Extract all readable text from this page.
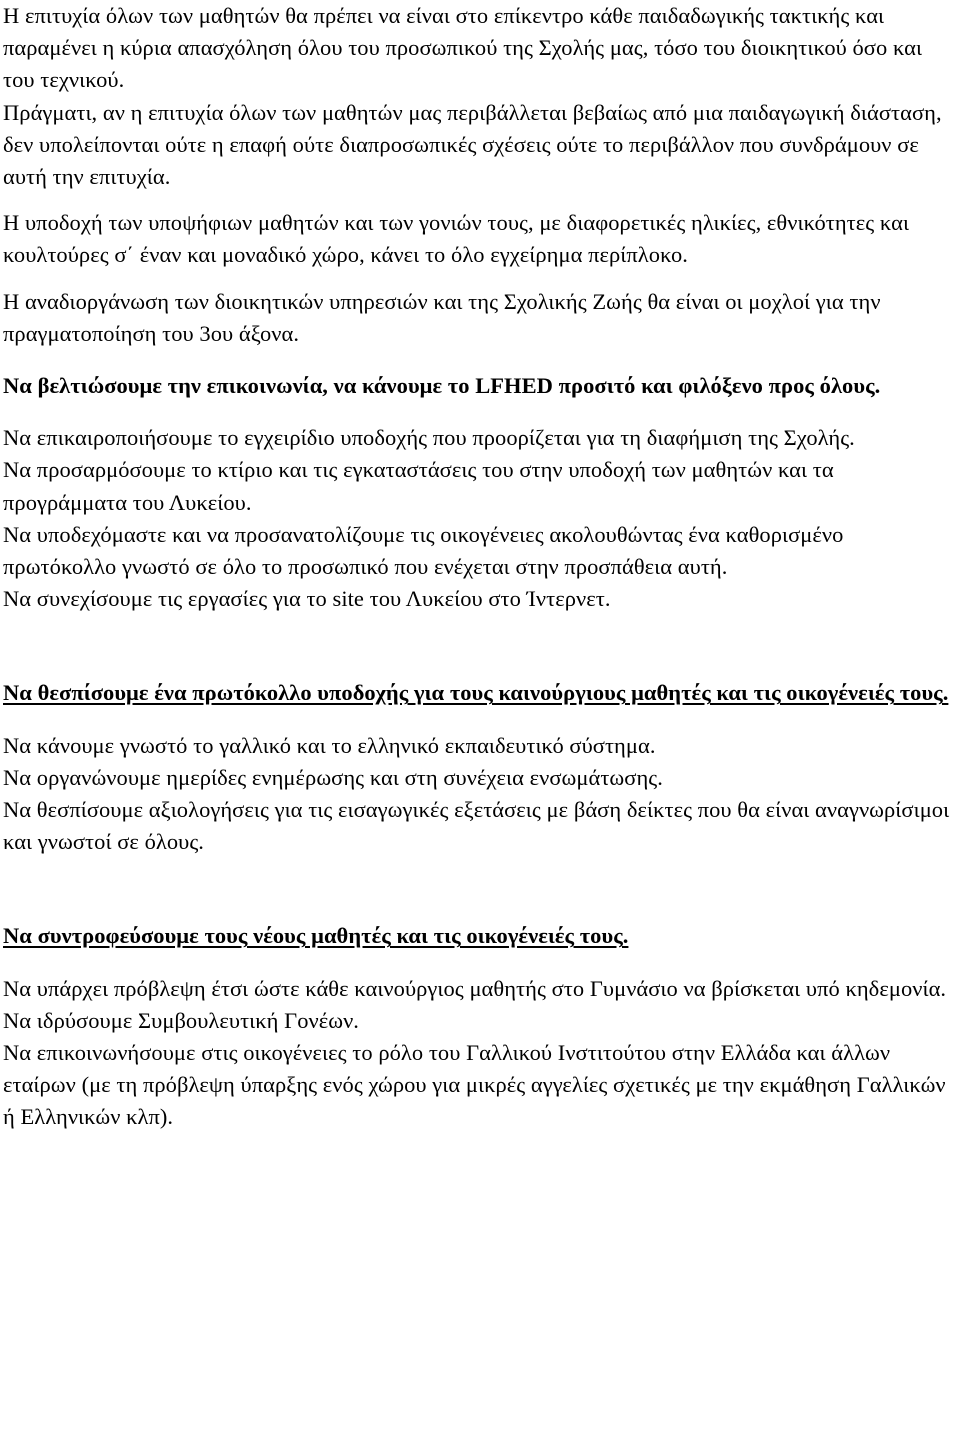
Η επιτυχία όλων των μαθητών θα πρέπει να είναι στο επίκεντρο κάθε παιδαδωγικής τακτικής και παραμένει η κύρια απασχόληση όλου του προσωπικού της Σχολής μας, τόσο του διοικητικού όσο και του τεχνικού.

Πράγματι, αν η επιτυχία όλων των μαθητών μας περιβάλλεται βεβαίως από μια παιδαγωγική διάσταση, δεν υπολείπονται ούτε η επαφή ούτε διαπροσωπικές σχέσεις ούτε το περιβάλλον που συνδράμουν σε αυτή την επιτυχία.

Η υποδοχή των υποψήφιων μαθητών και των γονιών τους, με διαφορετικές ηλικίες, εθνικότητες και κουλτούρες σ΄ έναν και μοναδικό χώρο, κάνει το όλο εγχείρημα περίπλοκο.

Η αναδιοργάνωση των διοικητικών υπηρεσιών και της Σχολικής Ζωής θα είναι οι μοχλοί για την πραγματοποίηση του 3ου άξονα.

Να βελτιώσουμε την επικοινωνία, να κάνουμε το LFHED προσιτό και φιλόξενο προς όλους.

Να επικαιροποιήσουμε το εγχειρίδιο υποδοχής που προορίζεται για τη διαφήμιση της Σχολής.

Να προσαρμόσουμε το κτίριο και τις εγκαταστάσεις του στην υποδοχή των μαθητών και τα προγράμματα του Λυκείου.

Να υποδεχόμαστε και να προσανατολίζουμε τις οικογένειες ακολουθώντας ένα καθορισμένο πρωτόκολλο γνωστό σε όλο το προσωπικό που ενέχεται στην προσπάθεια αυτή.

Να συνεχίσουμε τις εργασίες για το site του Λυκείου στο Ίντερνετ.

Να θεσπίσουμε ένα πρωτόκολλο υποδοχής για τους καινούργιους μαθητές και τις οικογένειές τους.

Να κάνουμε γνωστό το γαλλικό και το ελληνικό εκπαιδευτικό σύστημα.

Να οργανώνουμε ημερίδες ενημέρωσης και στη συνέχεια ενσωμάτωσης.

Να θεσπίσουμε αξιολογήσεις για τις εισαγωγικές εξετάσεις με βάση δείκτες που θα είναι αναγνωρίσιμοι και γνωστοί σε όλους.

Να συντροφεύσουμε τους νέους μαθητές και τις οικογένειές τους.

Να υπάρχει πρόβλεψη έτσι ώστε κάθε καινούργιος μαθητής στο Γυμνάσιο να βρίσκεται υπό κηδεμονία.

Να ιδρύσουμε Συμβουλευτική Γονέων.

Να επικοινωνήσουμε στις οικογένειες το ρόλο του Γαλλικού Ινστιτούτου στην Ελλάδα και άλλων εταίρων (με τη πρόβλεψη ύπαρξης ενός χώρου για μικρές αγγελίες σχετικές με την εκμάθηση Γαλλικών ή Ελληνικών κλπ).
